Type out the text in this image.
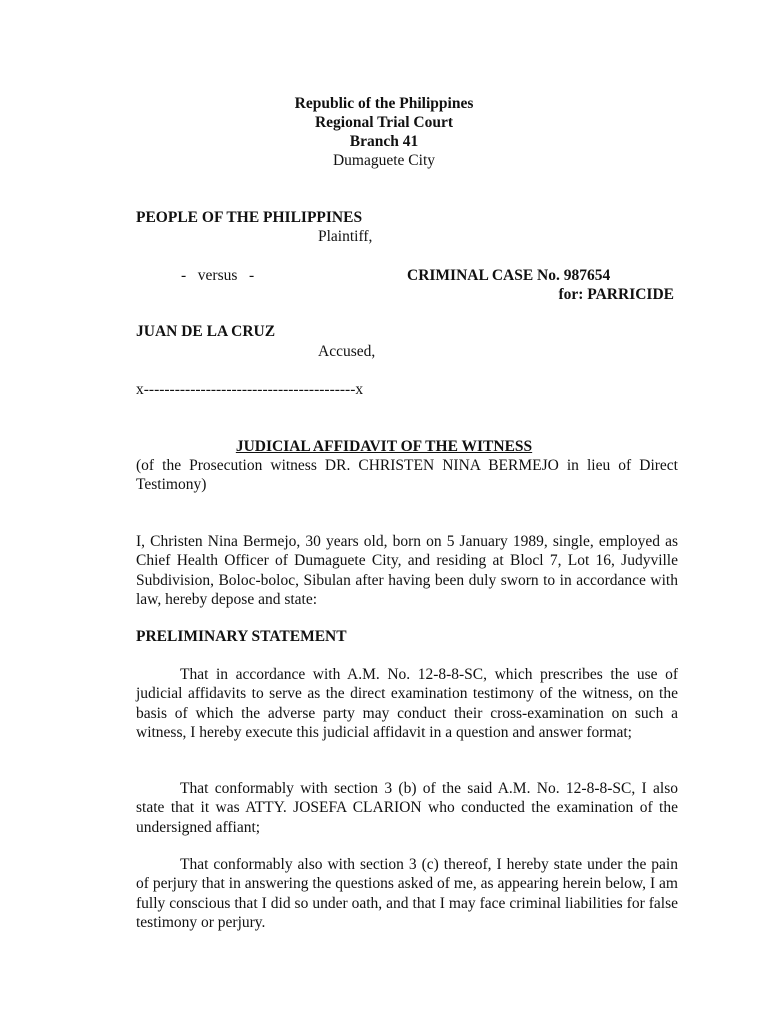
Republic of the Philippines
Regional Trial Court
Branch 41
Dumaguete City
PEOPLE OF THE PHILIPPINES
Plaintiff,
-   versus   -	CRIMINAL CASE No. 987654
for: PARRICIDE
JUAN DE LA CRUZ
Accused,
x-----------------------------------------x
JUDICIAL AFFIDAVIT OF THE WITNESS
(of the Prosecution witness DR. CHRISTEN NINA BERMEJO in lieu of Direct Testimony)
I, Christen Nina Bermejo, 30 years old, born on 5 January 1989, single, employed as Chief Health Officer of Dumaguete City, and residing at Blocl 7, Lot 16, Judyville Subdivision, Boloc-boloc, Sibulan after having been duly sworn to in accordance with law, hereby depose and state:
PRELIMINARY STATEMENT
That in accordance with A.M. No. 12-8-8-SC, which prescribes the use of judicial affidavits to serve as the direct examination testimony of the witness, on the basis of which the adverse party may conduct their cross-examination on such a witness, I hereby execute this judicial affidavit in a question and answer format;
That conformably with section 3 (b) of the said A.M. No. 12-8-8-SC, I also state that it was ATTY. JOSEFA CLARION who conducted the examination of the undersigned affiant;
That conformably also with section 3 (c) thereof, I hereby state under the pain of perjury that in answering the questions asked of me, as appearing herein below, I am fully conscious that I did so under oath, and that I may face criminal liabilities for false testimony or perjury.
